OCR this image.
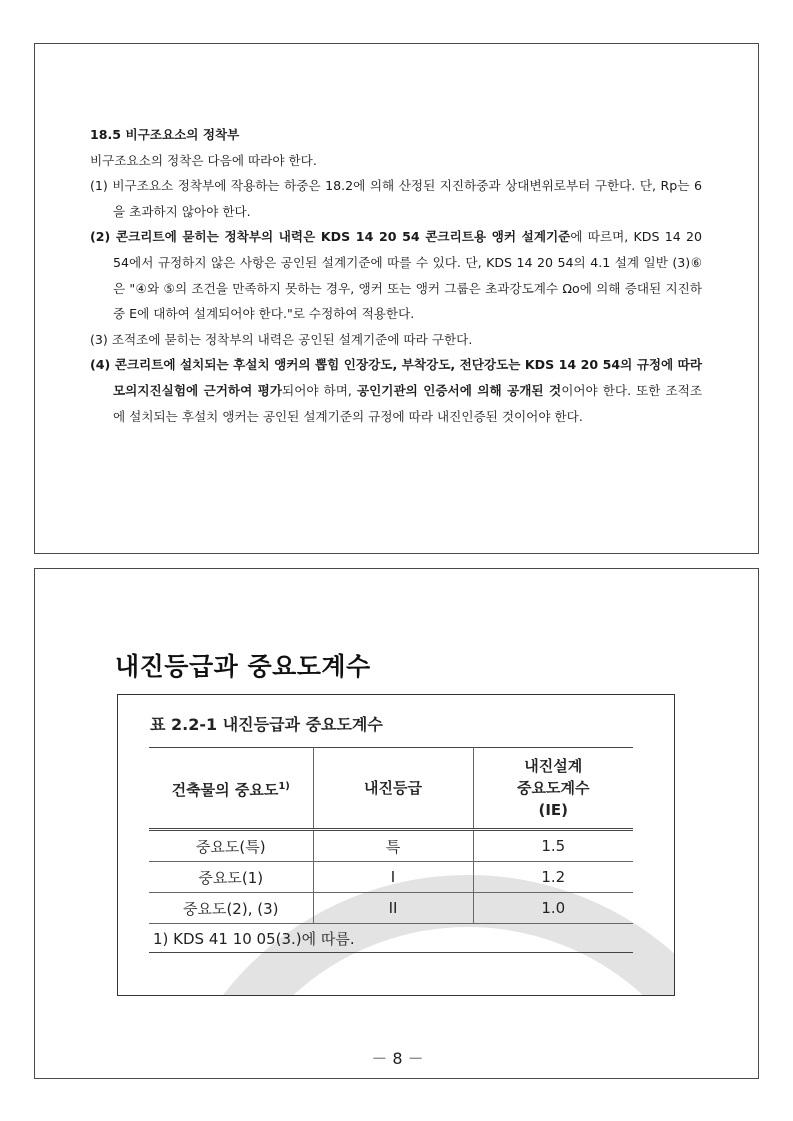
18.5 비구조요소의 정착부
비구조요소의 정착은 다음에 따라야 한다.
(1) 비구조요소 정착부에 작용하는 하중은 18.2에 의해 산정된 지진하중과 상대변위로부터 구한다. 단, Rp는 6을 초과하지 않아야 한다.
(2) 콘크리트에 묻히는 정착부의 내력은 KDS 14 20 54 콘크리트용 앵커 설계기준에 따르며, KDS 14 20 54에서 규정하지 않은 사항은 공인된 설계기준에 따를 수 있다. 단, KDS 14 20 54의 4.1 설계 일반 (3)⑥은 "④와 ⑤의 조건을 만족하지 못하는 경우, 앵커 또는 앵커 그룹은 초과강도계수 Ωo에 의해 증대된 지진하중 E에 대하여 설계되어야 한다."로 수정하여 적용한다.
(3) 조적조에 묻히는 정착부의 내력은 공인된 설계기준에 따라 구한다.
(4) 콘크리트에 설치되는 후설치 앵커의 뽑힘 인장강도, 부착강도, 전단강도는 KDS 14 20 54의 규정에 따라 모의지진실험에 근거하여 평가되어야 하며, 공인기관의 인증서에 의해 공개된 것이어야 한다. 또한 조적조에 설치되는 후설치 앵커는 공인된 설계기준의 규정에 따라 내진인증된 것이어야 한다.
내진등급과 중요도계수
표 2.2-1 내진등급과 중요도계수
건축물의 중요도$^{1)}$	내진등급	내진설계
중요도계수
(IE)

중요도(특)	특	1.5
중요도(1)	I	1.2
중요도(2), (3)	II	1.0
1) KDS 41 10 05(3.)에 따름.		
－ 8 －
